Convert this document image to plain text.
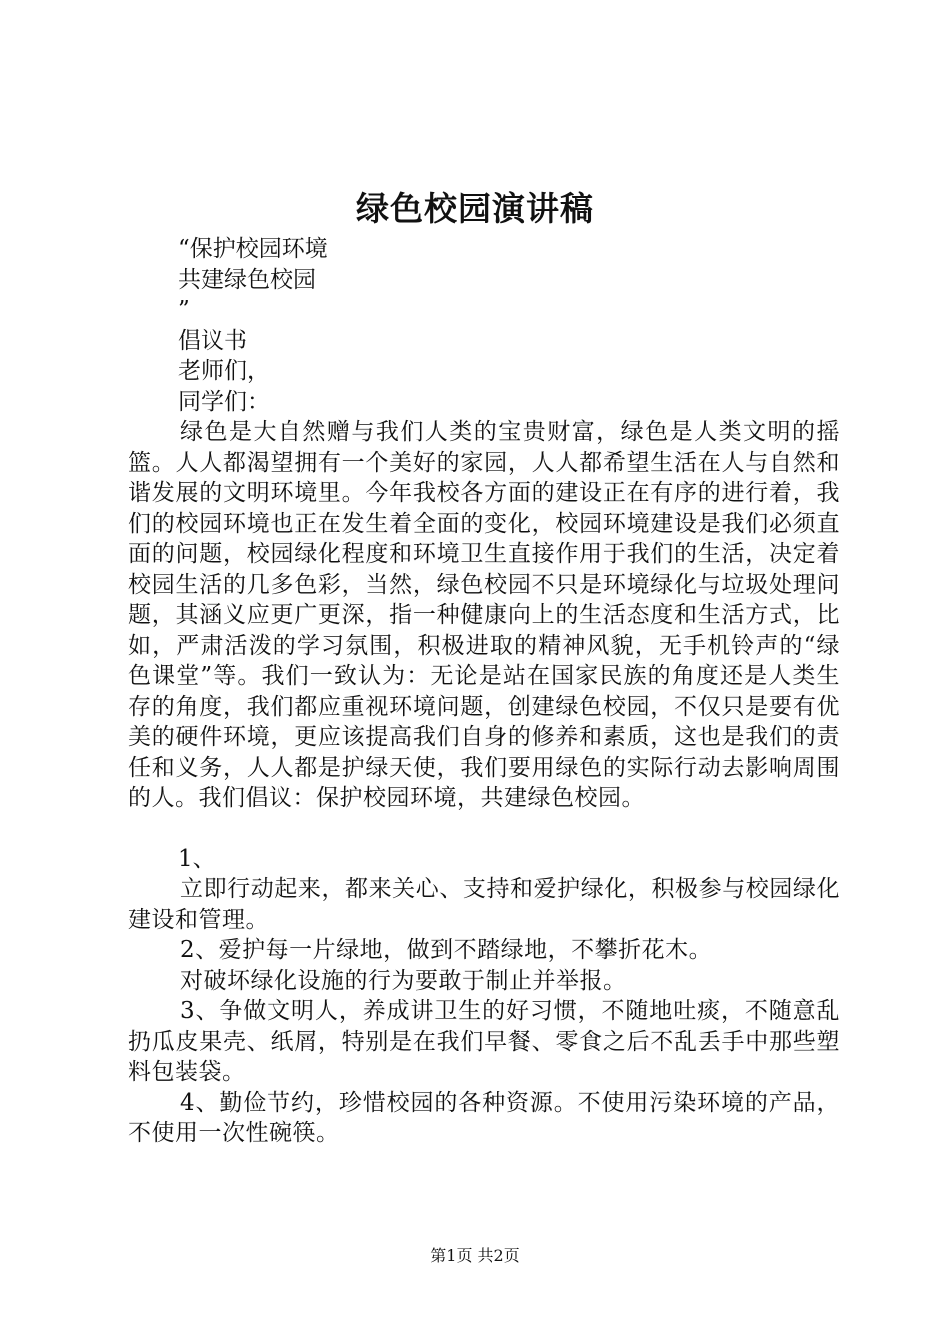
绿色校园演讲稿
“保护校园环境
共建绿色校园
”
倡议书
老师们，
同学们：
绿色是大自然赠与我们人类的宝贵财富，绿色是人类文明的摇篮。人人都渴望拥有一个美好的家园，人人都希望生活在人与自然和谐发展的文明环境里。今年我校各方面的建设正在有序的进行着，我们的校园环境也正在发生着全面的变化，校园环境建设是我们必须直面的问题，校园绿化程度和环境卫生直接作用于我们的生活，决定着校园生活的几多色彩，当然，绿色校园不只是环境绿化与垃圾处理问题，其涵义应更广更深，指一种健康向上的生活态度和生活方式，比如，严肃活泼的学习氛围，积极进取的精神风貌，无手机铃声的“绿色课堂”等。我们一致认为：无论是站在国家民族的角度还是人类生存的角度，我们都应重视环境问题，创建绿色校园，不仅只是要有优美的硬件环境，更应该提高我们自身的修养和素质，这也是我们的责任和义务，人人都是护绿天使，我们要用绿色的实际行动去影响周围的人。我们倡议：保护校园环境，共建绿色校园。
1、
立即行动起来，都来关心、支持和爱护绿化，积极参与校园绿化建设和管理。
2、爱护每一片绿地，做到不踏绿地，不攀折花木。
对破坏绿化设施的行为要敢于制止并举报。
3、争做文明人，养成讲卫生的好习惯，不随地吐痰，不随意乱扔瓜皮果壳、纸屑，特别是在我们早餐、零食之后不乱丢手中那些塑料包装袋。
4、勤俭节约，珍惜校园的各种资源。不使用污染环境的产品，不使用一次性碗筷。
第1页 共2页
